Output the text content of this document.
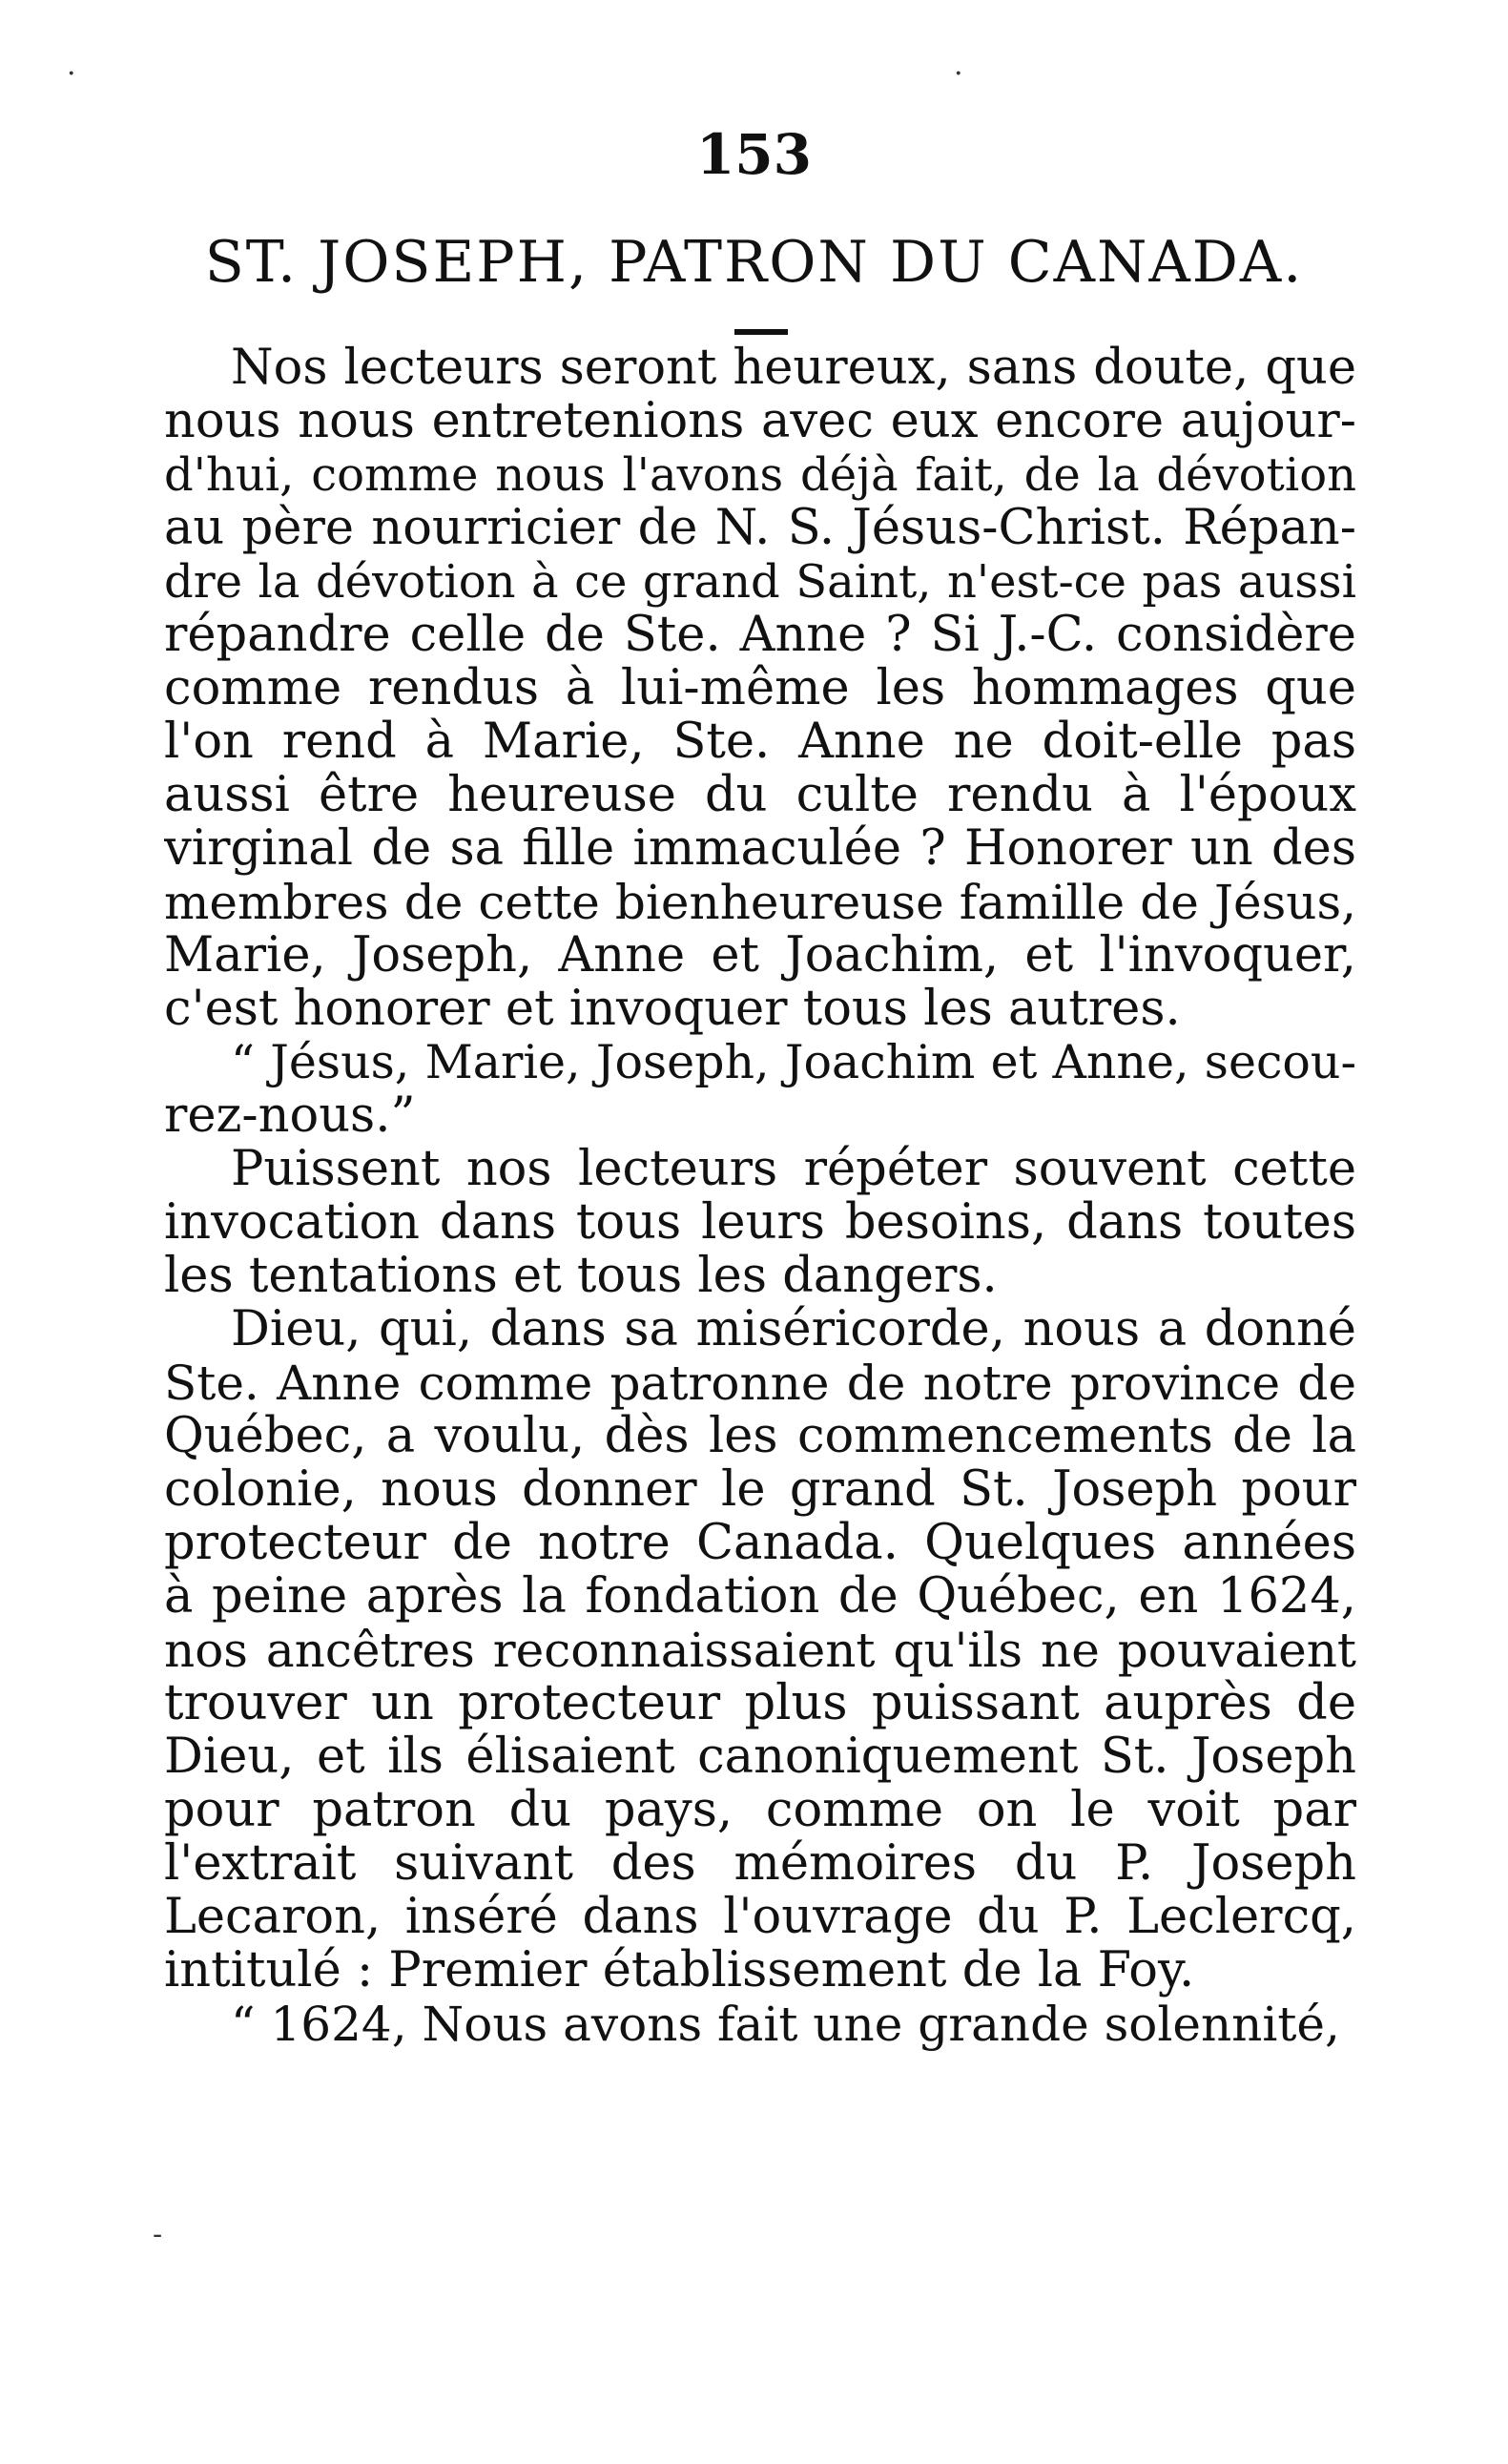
153
ST. JOSEPH, PATRON DU CANADA.
Nos lecteurs seront heureux, sans doute, que
nous nous entretenions avec eux encore aujour-
d'hui, comme nous l'avons déjà fait, de la dévotion
au père nourricier de N. S. Jésus-Christ. Répan-
dre la dévotion à ce grand Saint, n'est-ce pas aussi
répandre celle de Ste. Anne ? Si J.-C. considère
comme rendus à lui-même les hommages que
l'on rend à Marie, Ste. Anne ne doit-elle pas
aussi être heureuse du culte rendu à l'époux
virginal de sa fille immaculée ? Honorer un des
membres de cette bienheureuse famille de Jésus,
Marie, Joseph, Anne et Joachim, et l'invoquer,
c'est honorer et invoquer tous les autres.
“ Jésus, Marie, Joseph, Joachim et Anne, secou-
rez-nous.”
Puissent nos lecteurs répéter souvent cette
invocation dans tous leurs besoins, dans toutes
les tentations et tous les dangers.
Dieu, qui, dans sa miséricorde, nous a donné
Ste. Anne comme patronne de notre province de
Québec, a voulu, dès les commencements de la
colonie, nous donner le grand St. Joseph pour
protecteur de notre Canada. Quelques années
à peine après la fondation de Québec, en 1624,
nos ancêtres reconnaissaient qu'ils ne pouvaient
trouver un protecteur plus puissant auprès de
Dieu, et ils élisaient canoniquement St. Joseph
pour patron du pays, comme on le voit par
l'extrait suivant des mémoires du P. Joseph
Lecaron, inséré dans l'ouvrage du P. Leclercq,
intitulé : Premier établissement de la Foy.
“ 1624, Nous avons fait une grande solennité,
·	·
-
